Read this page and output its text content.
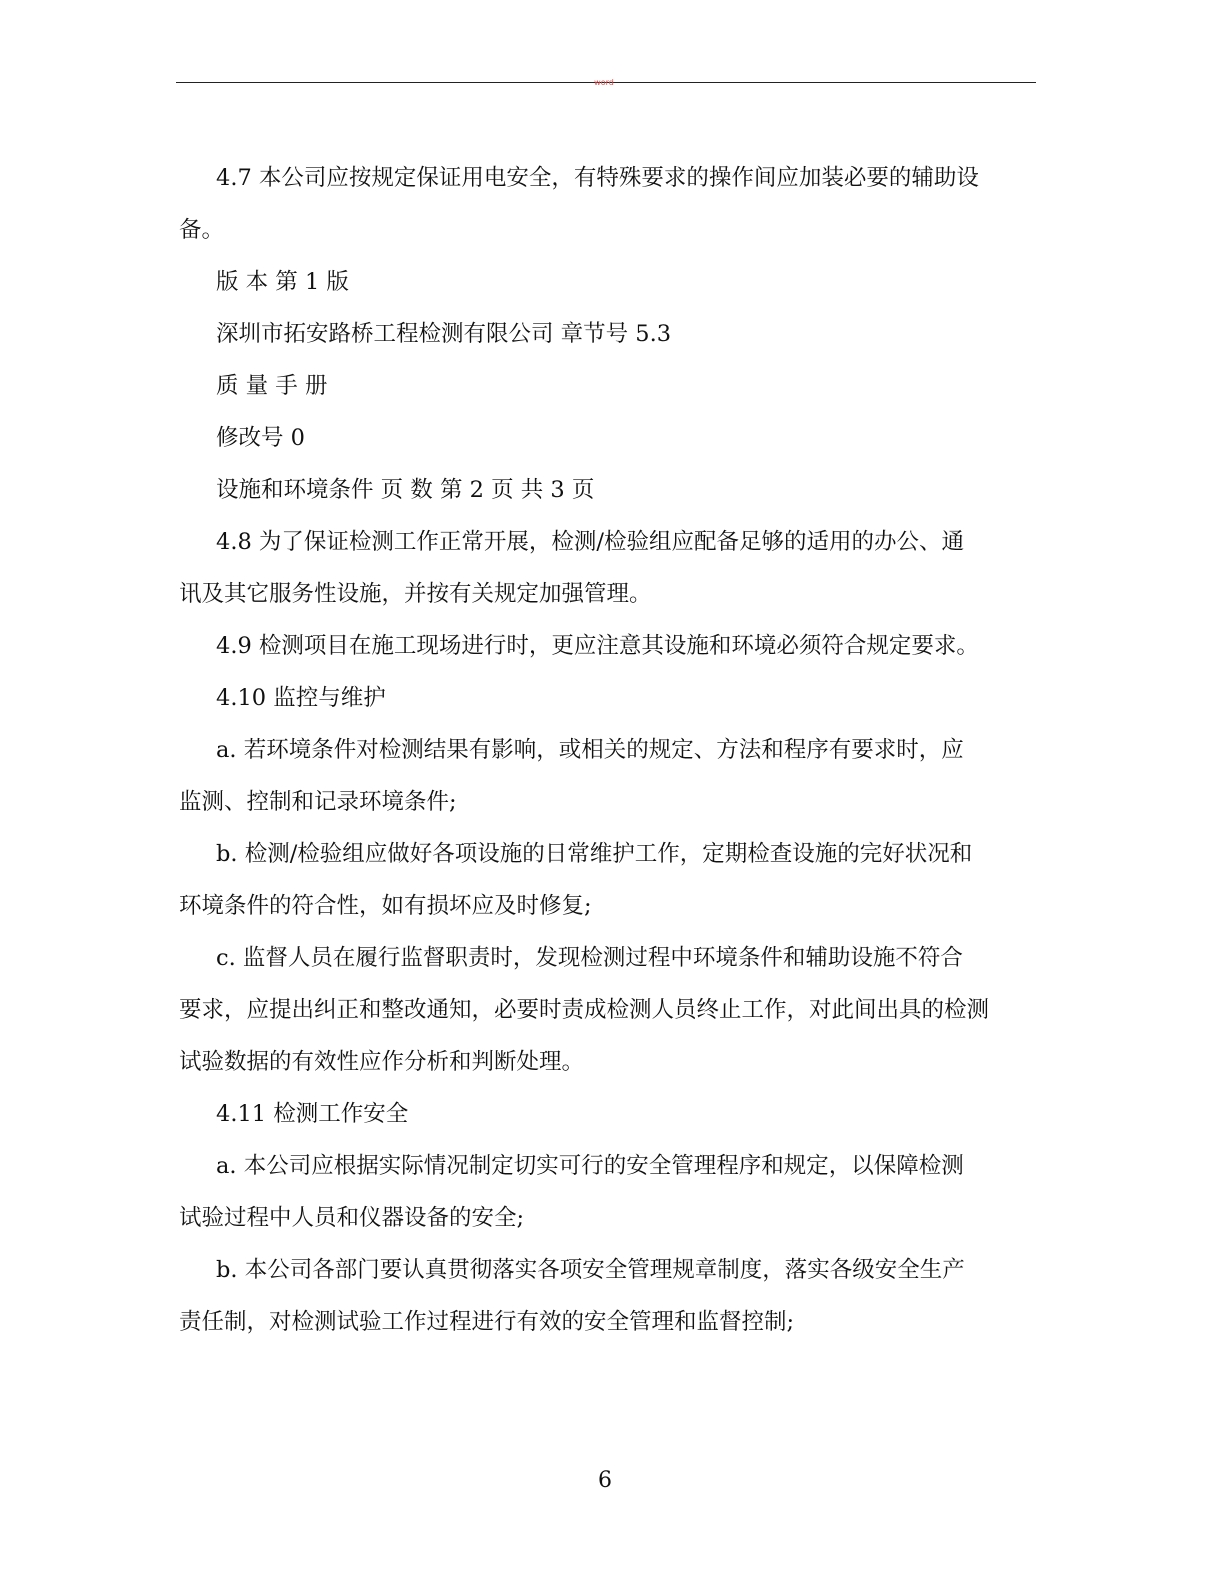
word
4.7 本公司应按规定保证用电安全，有特殊要求的操作间应加装必要的辅助设
备。
版 本 第 1 版
深圳市拓安路桥工程检测有限公司 章节号 5.3
质 量 手 册
修改号 0
设施和环境条件 页 数 第 2 页 共 3 页
4.8 为了保证检测工作正常开展，检测/检验组应配备足够的适用的办公、通
讯及其它服务性设施，并按有关规定加强管理。
4.9 检测项目在施工现场进行时，更应注意其设施和环境必须符合规定要求。
4.10 监控与维护
a. 若环境条件对检测结果有影响，或相关的规定、方法和程序有要求时，应
监测、控制和记录环境条件;
b. 检测/检验组应做好各项设施的日常维护工作，定期检查设施的完好状况和
环境条件的符合性，如有损坏应及时修复;
c. 监督人员在履行监督职责时，发现检测过程中环境条件和辅助设施不符合
要求，应提出纠正和整改通知，必要时责成检测人员终止工作，对此间出具的检测
试验数据的有效性应作分析和判断处理。
4.11 检测工作安全
a. 本公司应根据实际情况制定切实可行的安全管理程序和规定，以保障检测
试验过程中人员和仪器设备的安全;
b. 本公司各部门要认真贯彻落实各项安全管理规章制度，落实各级安全生产
责任制，对检测试验工作过程进行有效的安全管理和监督控制;
6
